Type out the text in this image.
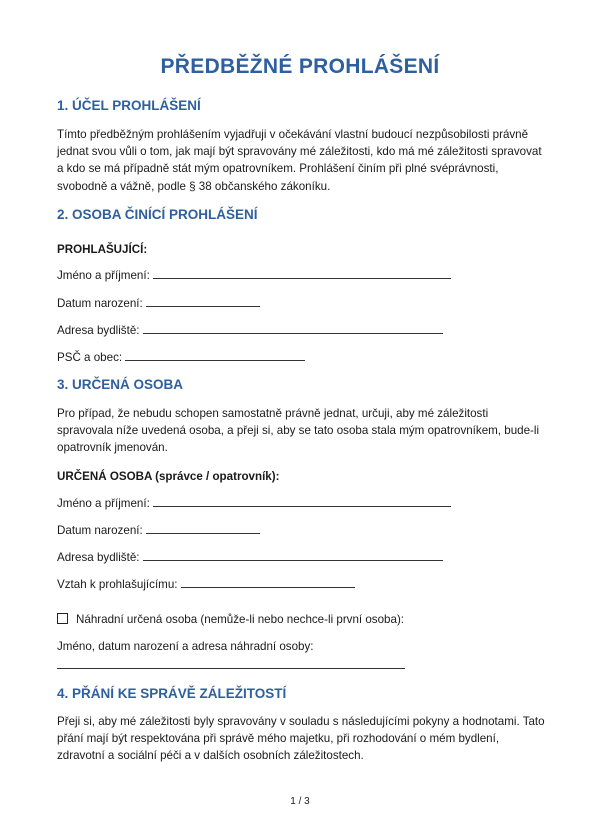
PŘEDBĚŽNÉ PROHLÁŠENÍ
1. ÚČEL PROHLÁŠENÍ
Tímto předběžným prohlášením vyjadřuji v očekávání vlastní budoucí nezpůsobilosti právně jednat svou vůli o tom, jak mají být spravovány mé záležitosti, kdo má mé záležitosti spravovat a kdo se má případně stát mým opatrovníkem. Prohlášení činím při plné svéprávnosti, svobodně a vážně, podle § 38 občanského zákoníku.
2. OSOBA ČINÍCÍ PROHLÁŠENÍ
PROHLAŠUJÍCÍ:
Jméno a příjmení:
Datum narození:
Adresa bydliště:
PSČ a obec:
3. URČENÁ OSOBA
Pro případ, že nebudu schopen samostatně právně jednat, určuji, aby mé záležitosti spravovala níže uvedená osoba, a přeji si, aby se tato osoba stala mým opatrovníkem, bude-li opatrovník jmenován.
URČENÁ OSOBA (správce / opatrovník):
Jméno a příjmení:
Datum narození:
Adresa bydliště:
Vztah k prohlašujícímu:
Náhradní určená osoba (nemůže-li nebo nechce-li první osoba):
Jméno, datum narození a adresa náhradní osoby:
4. PŘÁNÍ KE SPRÁVĚ ZÁLEŽITOSTÍ
Přeji si, aby mé záležitosti byly spravovány v souladu s následujícími pokyny a hodnotami. Tato přání mají být respektována při správě mého majetku, při rozhodování o mém bydlení, zdravotní a sociální péči a v dalších osobních záležitostech.
1 / 3
